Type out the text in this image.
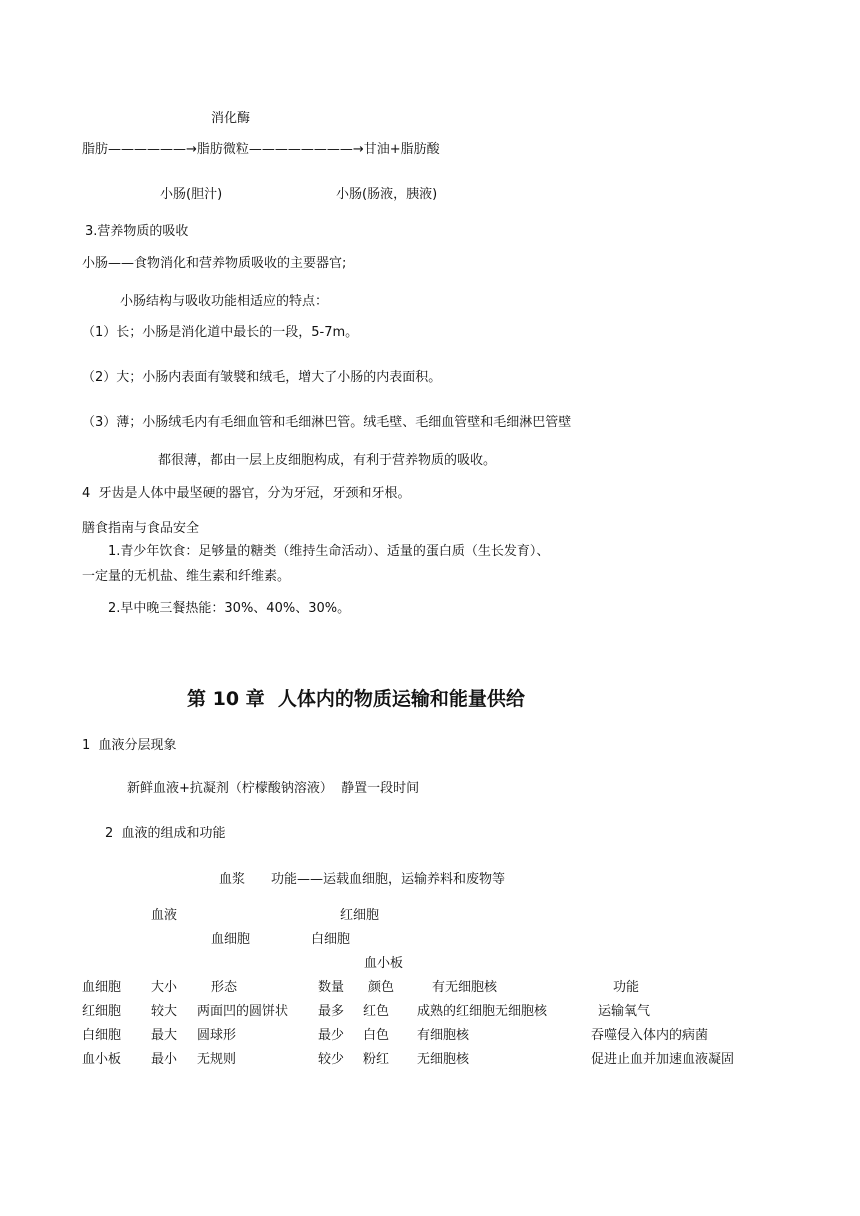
消化酶
脂肪——————→脂肪微粒————————→甘油+脂肪酸
小肠(胆汁)	小肠(肠液，胰液)
3.营养物质的吸收
小肠——食物消化和营养物质吸收的主要器官;
小肠结构与吸收功能相适应的特点：
（1）长；小肠是消化道中最长的一段，5-7m。
（2）大；小肠内表面有皱襞和绒毛，增大了小肠的内表面积。
（3）薄；小肠绒毛内有毛细血管和毛细淋巴管。绒毛壁、毛细血管壁和毛细淋巴管壁
都很薄，都由一层上皮细胞构成，有利于营养物质的吸收。
4  牙齿是人体中最坚硬的器官，分为牙冠，牙颈和牙根。
膳食指南与食品安全
1.青少年饮食：足够量的糖类（维持生命活动）、适量的蛋白质（生长发育）、
一定量的无机盐、维生素和纤维素。
2.早中晚三餐热能：30%、40%、30%。
第 10 章  人体内的物质运输和能量供给
1  血液分层现象
新鲜血液+抗凝剂（柠檬酸钠溶液）  静置一段时间
2  血液的组成和功能
血浆 功能——运载血细胞，运输养料和废物等
血液	红细胞
血细胞	白细胞
血小板
血细胞 大小	形态	数量 颜色	有无细胞核	功能
红细胞 较大 两面凹的圆饼状 最多 红色 成熟的红细胞无细胞核	运输氧气
白细胞 最大 圆球形	最少 白色 有细胞核	吞噬侵入体内的病菌
血小板 最小 无规则	较少 粉红 无细胞核	促进止血并加速血液凝固
